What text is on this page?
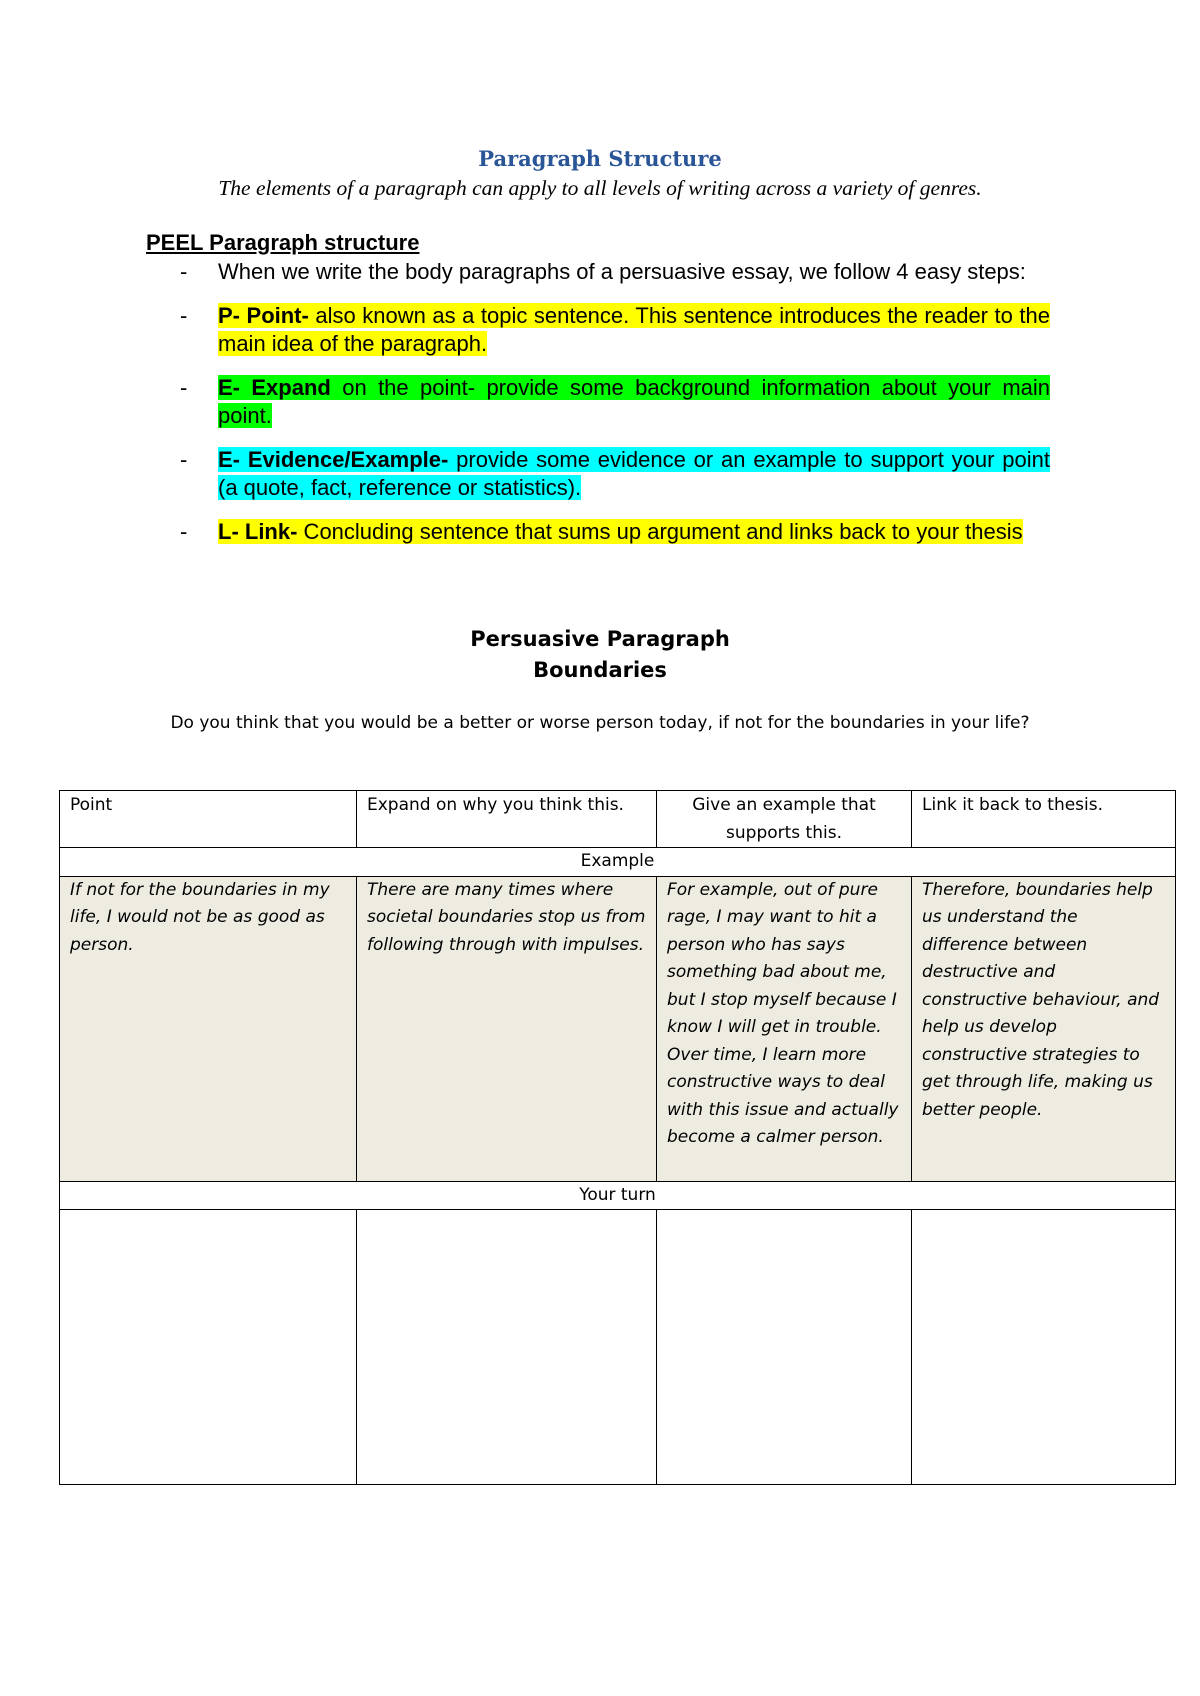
Paragraph Structure
The elements of a paragraph can apply to all levels of writing across a variety of genres.
PEEL Paragraph structure
- When we write the body paragraphs of a persuasive essay, we follow 4 easy steps:
- P- Point- also known as a topic sentence. This sentence introduces the reader to the main idea of the paragraph.
- E- Expand on the point- provide some background information about your main point.
- E- Evidence/Example- provide some evidence or an example to support your point (a quote, fact, reference or statistics).
- L- Link- Concluding sentence that sums up argument and links back to your thesis
Persuasive Paragraph
Boundaries
Do you think that you would be a better or worse person today, if not for the boundaries in your life?
Point	Expand on why you think this.	Give an example that supports this.	Link it back to thesis.
Example			
If not for the boundaries in my life, I would not be as good as person.	There are many times where societal boundaries stop us from following through with impulses.	For example, out of pure rage, I may want to hit a person who has says something bad about me, but I stop myself because I know I will get in trouble. Over time, I learn more constructive ways to deal with this issue and actually become a calmer person.	Therefore, boundaries help us understand the difference between destructive and constructive behaviour, and help us develop constructive strategies to get through life, making us better people.
Your turn			
